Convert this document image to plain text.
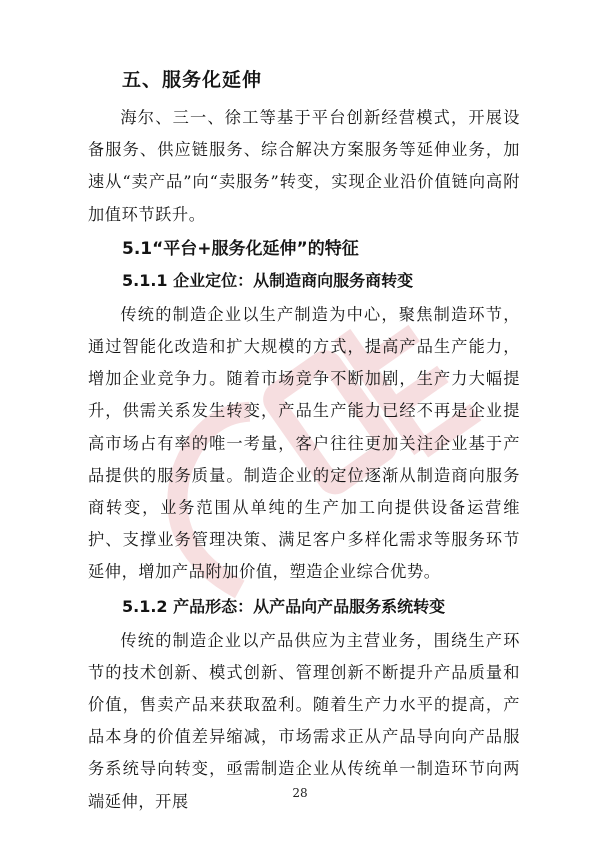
五、服务化延伸

海尔、三一、徐工等基于平台创新经营模式，开展设备服务、供应链服务、综合解决方案服务等延伸业务，加速从“卖产品”向“卖服务”转变，实现企业沿价值链向高附加值环节跃升。

5.1“平台+服务化延伸”的特征
5.1.1 企业定位：从制造商向服务商转变

传统的制造企业以生产制造为中心，聚焦制造环节，通过智能化改造和扩大规模的方式，提高产品生产能力，增加企业竞争力。随着市场竞争不断加剧，生产力大幅提升，供需关系发生转变，产品生产能力已经不再是企业提高市场占有率的唯一考量，客户往往更加关注企业基于产品提供的服务质量。制造企业的定位逐渐从制造商向服务商转变，业务范围从单纯的生产加工向提供设备运营维护、支撑业务管理决策、满足客户多样化需求等服务环节延伸，增加产品附加价值，塑造企业综合优势。

5.1.2 产品形态：从产品向产品服务系统转变

传统的制造企业以产品供应为主营业务，围绕生产环节的技术创新、模式创新、管理创新不断提升产品质量和价值，售卖产品来获取盈利。随着生产力水平的提高，产品本身的价值差异缩减，市场需求正从产品导向向产品服务系统导向转变，亟需制造企业从传统单一制造环节向两端延伸，开展	28
